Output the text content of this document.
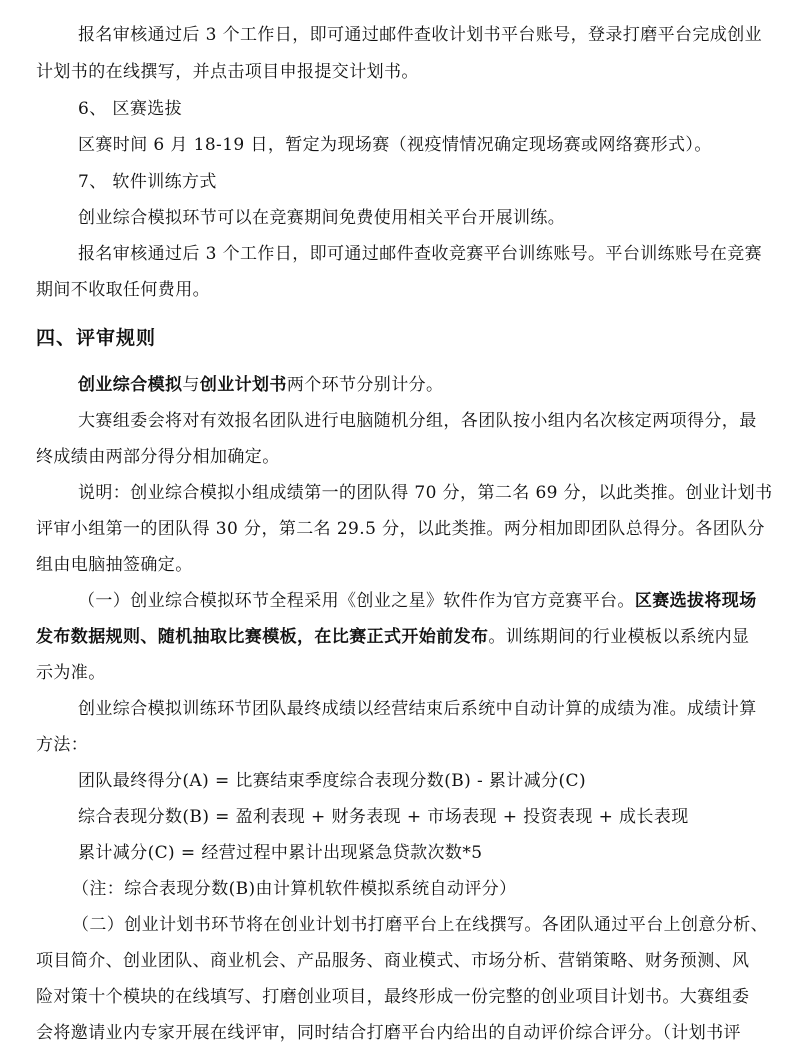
报名审核通过后 3 个工作日，即可通过邮件查收计划书平台账号，登录打磨平台完成创业
计划书的在线撰写，并点击项目申报提交计划书。
6、 区赛选拔
区赛时间 6 月 18-19 日，暂定为现场赛（视疫情情况确定现场赛或网络赛形式）。
7、 软件训练方式
创业综合模拟环节可以在竞赛期间免费使用相关平台开展训练。
报名审核通过后 3 个工作日，即可通过邮件查收竞赛平台训练账号。平台训练账号在竞赛
期间不收取任何费用。
四、评审规则
创业综合模拟与创业计划书两个环节分别计分。
大赛组委会将对有效报名团队进行电脑随机分组，各团队按小组内名次核定两项得分，最
终成绩由两部分得分相加确定。
说明：创业综合模拟小组成绩第一的团队得 70 分，第二名 69 分，以此类推。创业计划书
评审小组第一的团队得 30 分，第二名 29.5 分，以此类推。两分相加即团队总得分。各团队分
组由电脑抽签确定。
（一）创业综合模拟环节全程采用《创业之星》软件作为官方竞赛平台。区赛选拔将现场
发布数据规则、随机抽取比赛模板，在比赛正式开始前发布。训练期间的行业模板以系统内显
示为准。
创业综合模拟训练环节团队最终成绩以经营结束后系统中自动计算的成绩为准。成绩计算
方法：
团队最终得分(A) = 比赛结束季度综合表现分数(B) - 累计减分(C)
综合表现分数(B) = 盈利表现 + 财务表现 + 市场表现 + 投资表现 + 成长表现
累计减分(C) = 经营过程中累计出现紧急贷款次数*5
（注：综合表现分数(B)由计算机软件模拟系统自动评分）
（二）创业计划书环节将在创业计划书打磨平台上在线撰写。各团队通过平台上创意分析、
项目简介、创业团队、商业机会、产品服务、商业模式、市场分析、营销策略、财务预测、风
险对策十个模块的在线填写、打磨创业项目，最终形成一份完整的创业项目计划书。大赛组委
会将邀请业内专家开展在线评审，同时结合打磨平台内给出的自动评价综合评分。（计划书评
